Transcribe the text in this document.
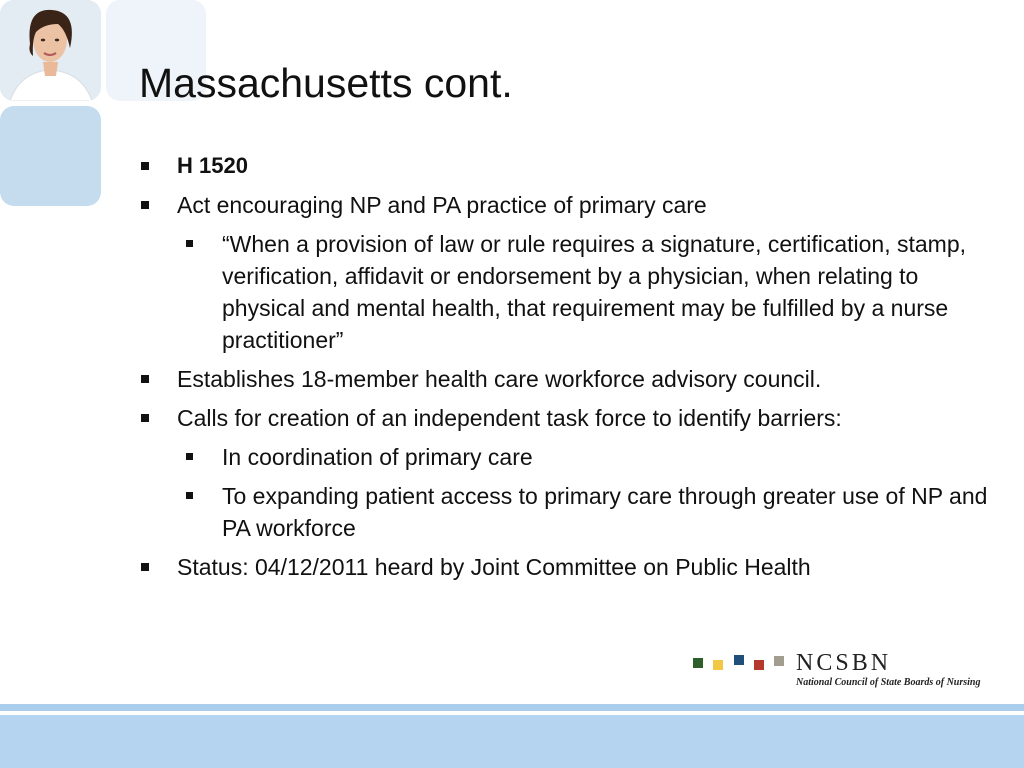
Massachusetts cont.
H 1520
Act encouraging NP and PA practice of primary care
“When a provision of law or rule requires a signature, certification, stamp, verification, affidavit or endorsement by a physician, when relating to physical and mental health, that requirement may be fulfilled by a nurse practitioner”
Establishes 18-member health care workforce advisory council.
Calls for creation of an independent task force to identify barriers:
In coordination of primary care
To expanding patient access to primary care through greater use of NP and PA workforce
Status: 04/12/2011 heard by Joint Committee on Public Health
NCSBN
National Council of State Boards of Nursing
